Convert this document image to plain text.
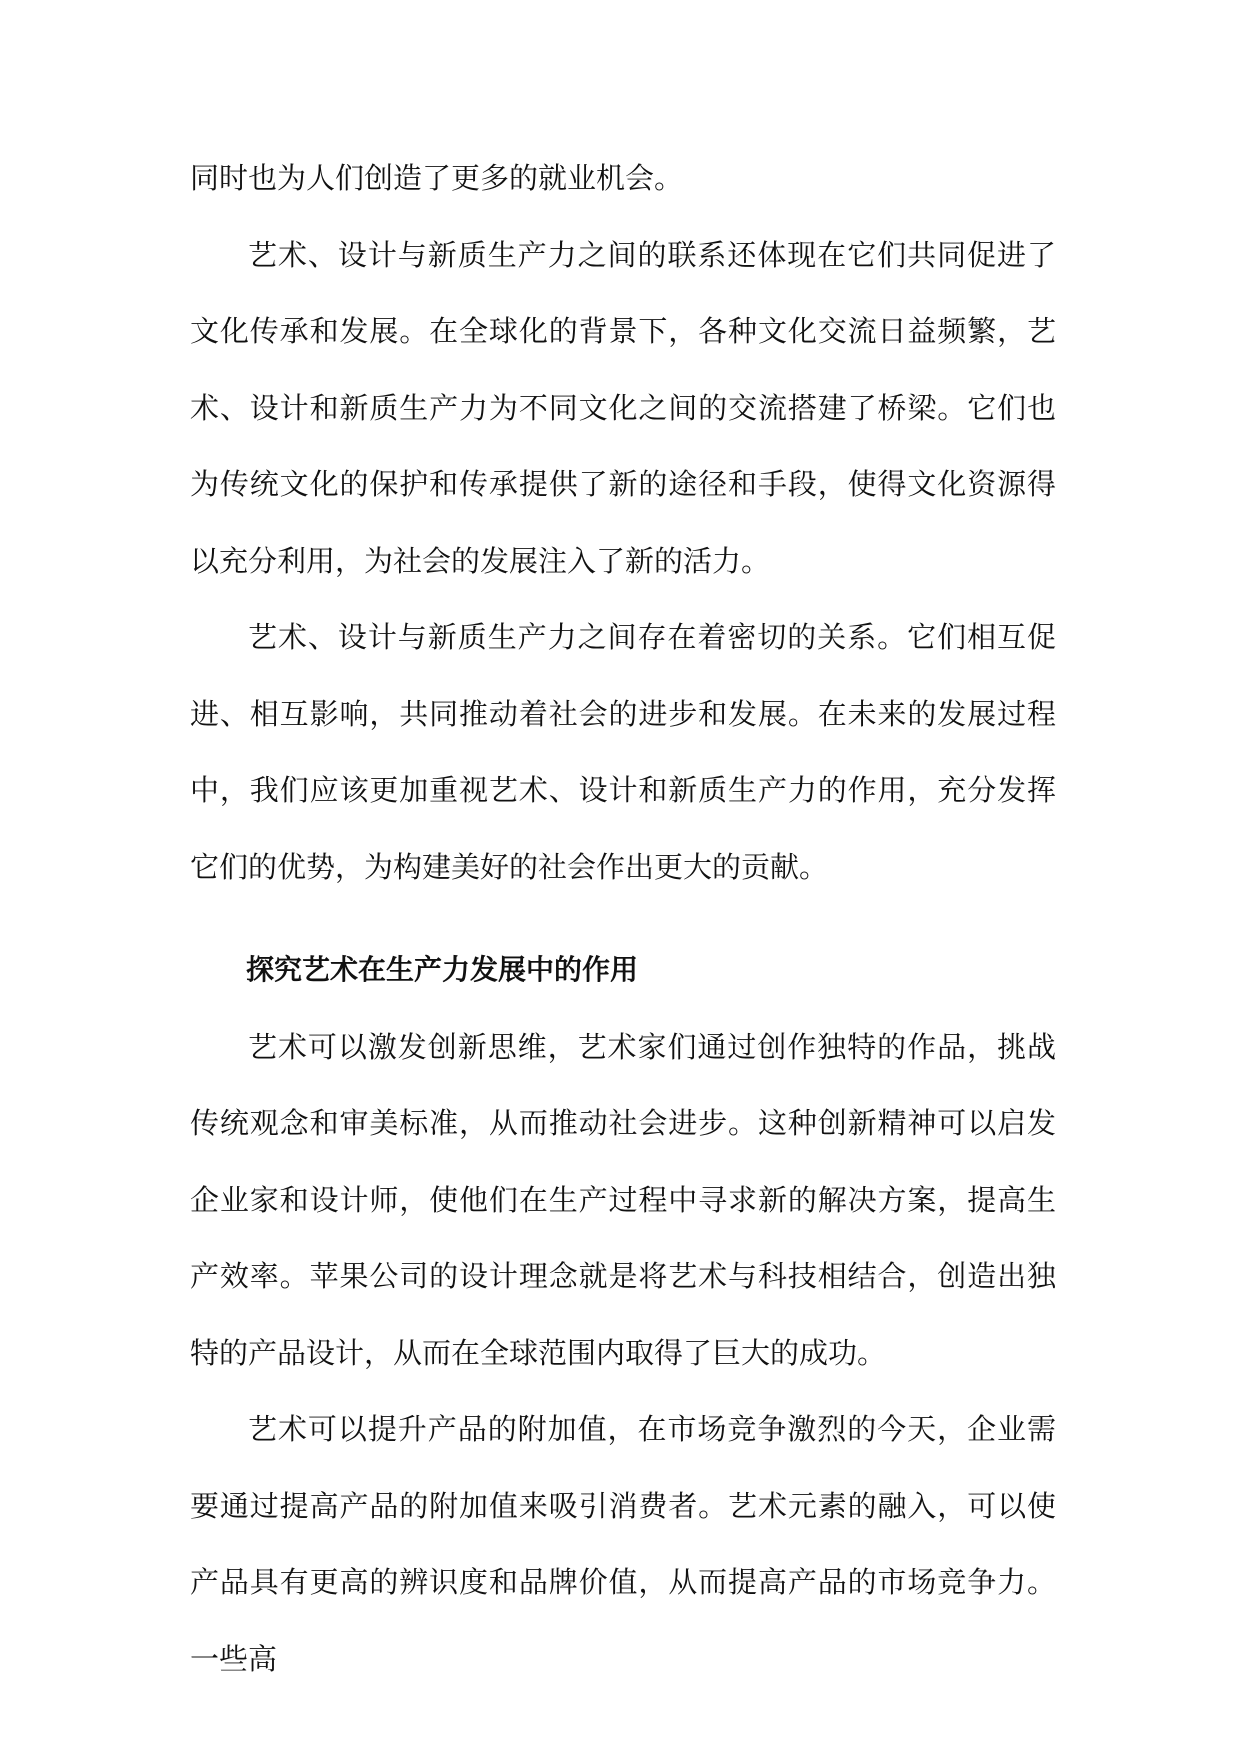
同时也为人们创造了更多的就业机会。

艺术、设计与新质生产力之间的联系还体现在它们共同促进了文化传承和发展。在全球化的背景下，各种文化交流日益频繁，艺术、设计和新质生产力为不同文化之间的交流搭建了桥梁。它们也为传统文化的保护和传承提供了新的途径和手段，使得文化资源得以充分利用，为社会的发展注入了新的活力。

艺术、设计与新质生产力之间存在着密切的关系。它们相互促进、相互影响，共同推动着社会的进步和发展。在未来的发展过程中，我们应该更加重视艺术、设计和新质生产力的作用，充分发挥它们的优势，为构建美好的社会作出更大的贡献。

探究艺术在生产力发展中的作用

艺术可以激发创新思维，艺术家们通过创作独特的作品，挑战传统观念和审美标准，从而推动社会进步。这种创新精神可以启发企业家和设计师，使他们在生产过程中寻求新的解决方案，提高生产效率。苹果公司的设计理念就是将艺术与科技相结合，创造出独特的产品设计，从而在全球范围内取得了巨大的成功。

艺术可以提升产品的附加值，在市场竞争激烈的今天，企业需要通过提高产品的附加值来吸引消费者。艺术元素的融入，可以使产品具有更高的辨识度和品牌价值，从而提高产品的市场竞争力。一些高
